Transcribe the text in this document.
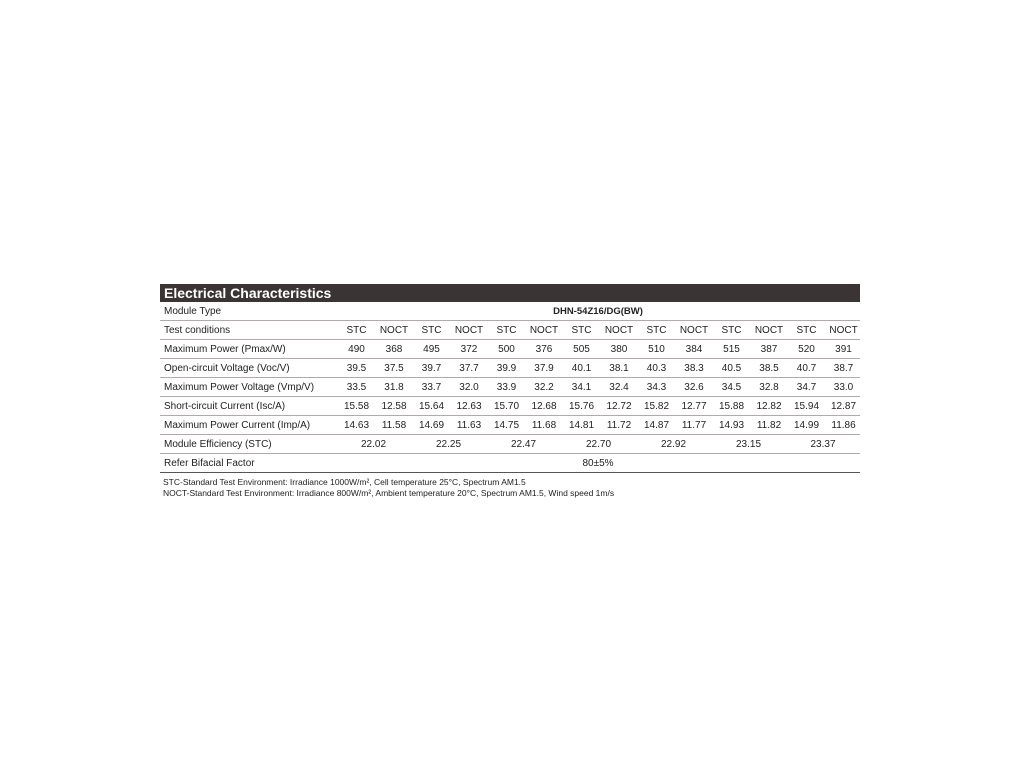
Electrical Characteristics
Module Type	DHN-54Z16/DG(BW)													
Test conditions	STC	NOCT	STC	NOCT	STC	NOCT	STC	NOCT	STC	NOCT	STC	NOCT	STC	NOCT
Maximum Power (Pmax/W)	490	368	495	372	500	376	505	380	510	384	515	387	520	391
Open-circuit Voltage (Voc/V)	39.5	37.5	39.7	37.7	39.9	37.9	40.1	38.1	40.3	38.3	40.5	38.5	40.7	38.7
Maximum Power Voltage (Vmp/V)	33.5	31.8	33.7	32.0	33.9	32.2	34.1	32.4	34.3	32.6	34.5	32.8	34.7	33.0
Short-circuit Current (Isc/A)	15.58	12.58	15.64	12.63	15.70	12.68	15.76	12.72	15.82	12.77	15.88	12.82	15.94	12.87
Maximum Power Current (Imp/A)	14.63	11.58	14.69	11.63	14.75	11.68	14.81	11.72	14.87	11.77	14.93	11.82	14.99	11.86
Module Efficiency (STC)	22.02		22.25		22.47		22.70		22.92		23.15		23.37	
Refer Bifacial Factor	80±5%													
STC-Standard Test Environment: Irradiance 1000W/m², Cell temperature 25°C, Spectrum AM1.5
NOCT-Standard Test Environment: Irradiance 800W/m², Ambient temperature 20°C, Spectrum AM1.5, Wind speed 1m/s
